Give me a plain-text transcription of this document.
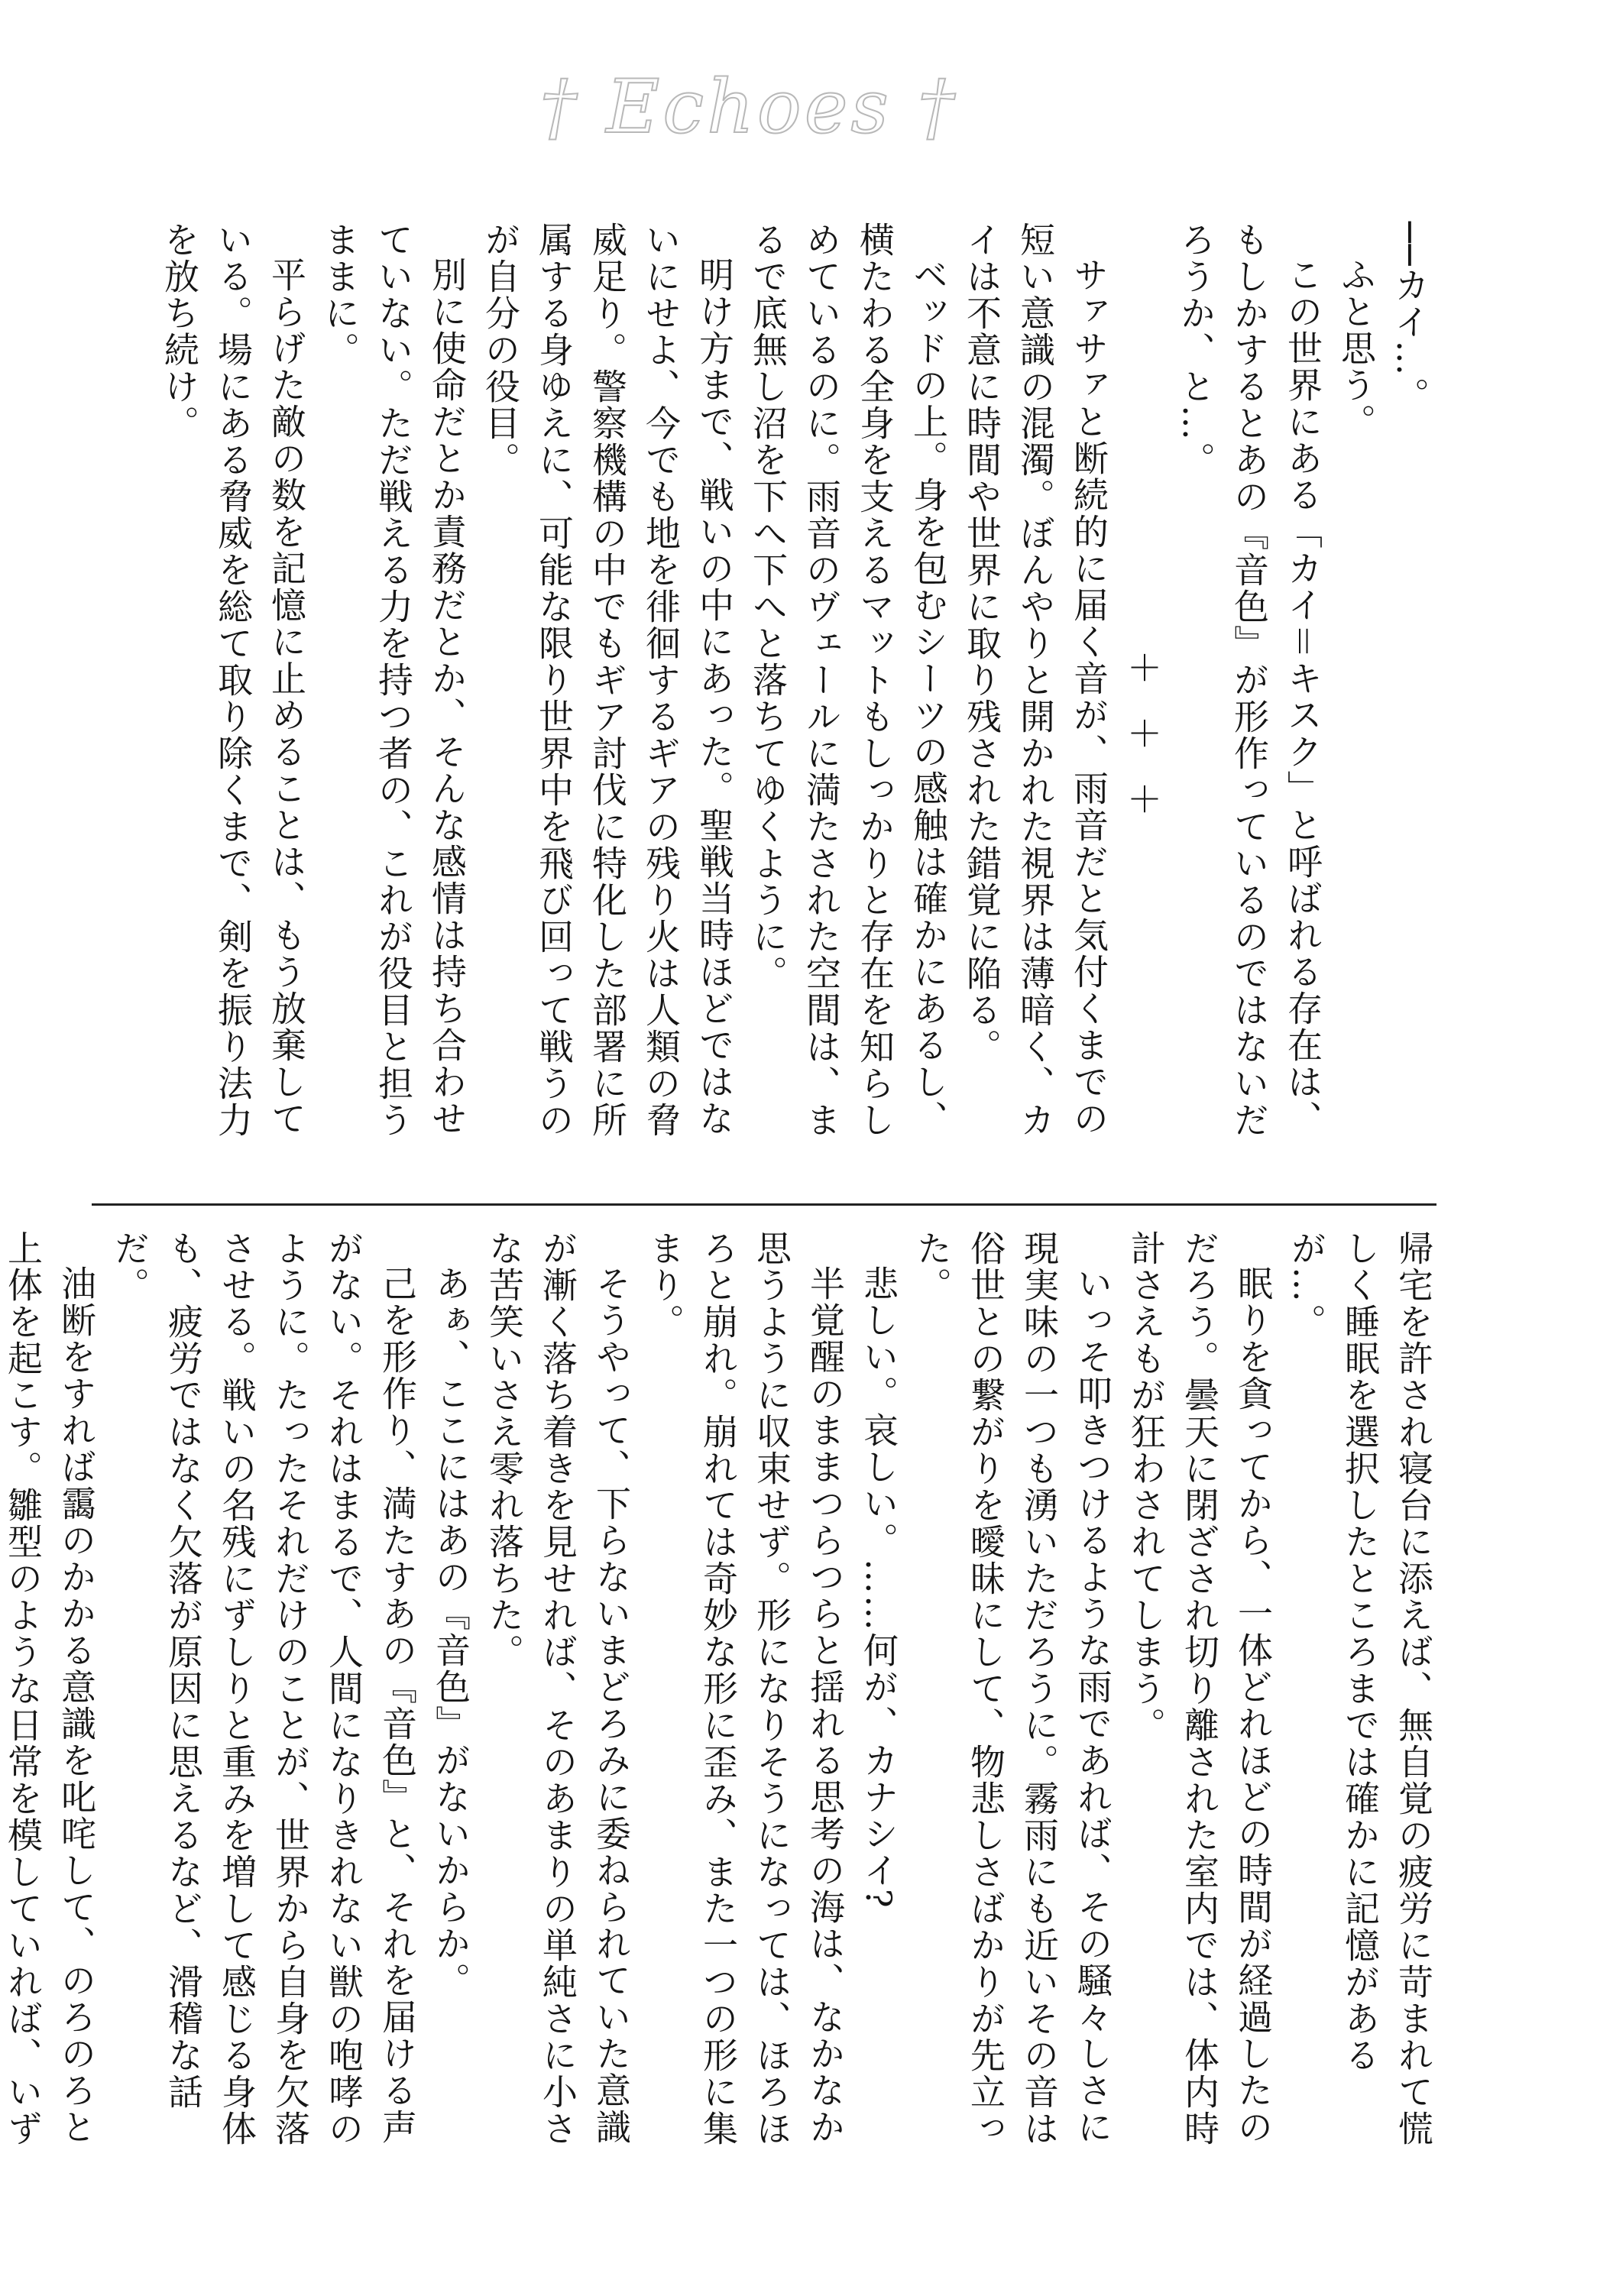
† Echoes †

──カイ…。

ふと思う。

この世界にある「カイ＝キスク」と呼ばれる存在は、もしかするとあの『音色』が形作っているのではないだろうか、と…。

＋＋＋

サァサァと断続的に届く音が、雨音だと気付くまでの短い意識の混濁。ぼんやりと開かれた視界は薄暗く、カイは不意に時間や世界に取り残された錯覚に陥る。

ベッドの上。身を包むシーツの感触は確かにあるし、横たわる全身を支えるマットもしっかりと存在を知らしめているのに。雨音のヴェールに満たされた空間は、まるで底無し沼を下へ下へと落ちてゆくように。

明け方まで、戦いの中にあった。聖戦当時ほどではないにせよ、今でも地を徘徊するギアの残り火は人類の脅威足り。警察機構の中でもギア討伐に特化した部署に所属する身ゆえに、可能な限り世界中を飛び回って戦うのが自分の役目。

別に使命だとか責務だとか、そんな感情は持ち合わせていない。ただ戦える力を持つ者の、これが役目と担うままに。

平らげた敵の数を記憶に止めることは、もう放棄している。場にある脅威を総て取り除くまで、剣を振り法力を放ち続け。

帰宅を許され寝台に添えば、無自覚の疲労に苛まれて慌しく睡眠を選択したところまでは確かに記憶があるが…。

眠りを貪ってから、一体どれほどの時間が経過したのだろう。曇天に閉ざされ切り離された室内では、体内時計さえもが狂わされてしまう。

いっそ叩きつけるような雨であれば、その騒々しさに現実味の一つも湧いただろうに。霧雨にも近いその音は俗世との繋がりを曖昧にして、物悲しさばかりが先立った。

悲しい。哀しい。……何が、カナシイ?

半覚醒のままつらつらと揺れる思考の海は、なかなか思うように収束せず。形になりそうになっては、ほろほろと崩れ。崩れては奇妙な形に歪み、また一つの形に集まり。

そうやって、下らないまどろみに委ねられていた意識が漸く落ち着きを見せれば、そのあまりの単純さに小さな苦笑いさえ零れ落ちた。

あぁ、ここにはあの『音色』がないからか。

己を形作り、満たすあの『音色』と、それを届ける声がない。それはまるで、人間になりきれない獣の咆哮のように。たったそれだけのことが、世界から自身を欠落させる。戦いの名残にずしりと重みを増して感じる身体も、疲労ではなく欠落が原因に思えるなど、滑稽な話だ。

油断をすれば靄のかかる意識を叱咤して、のろのろと上体を起こす。雛型のような日常を模していれば、いず
